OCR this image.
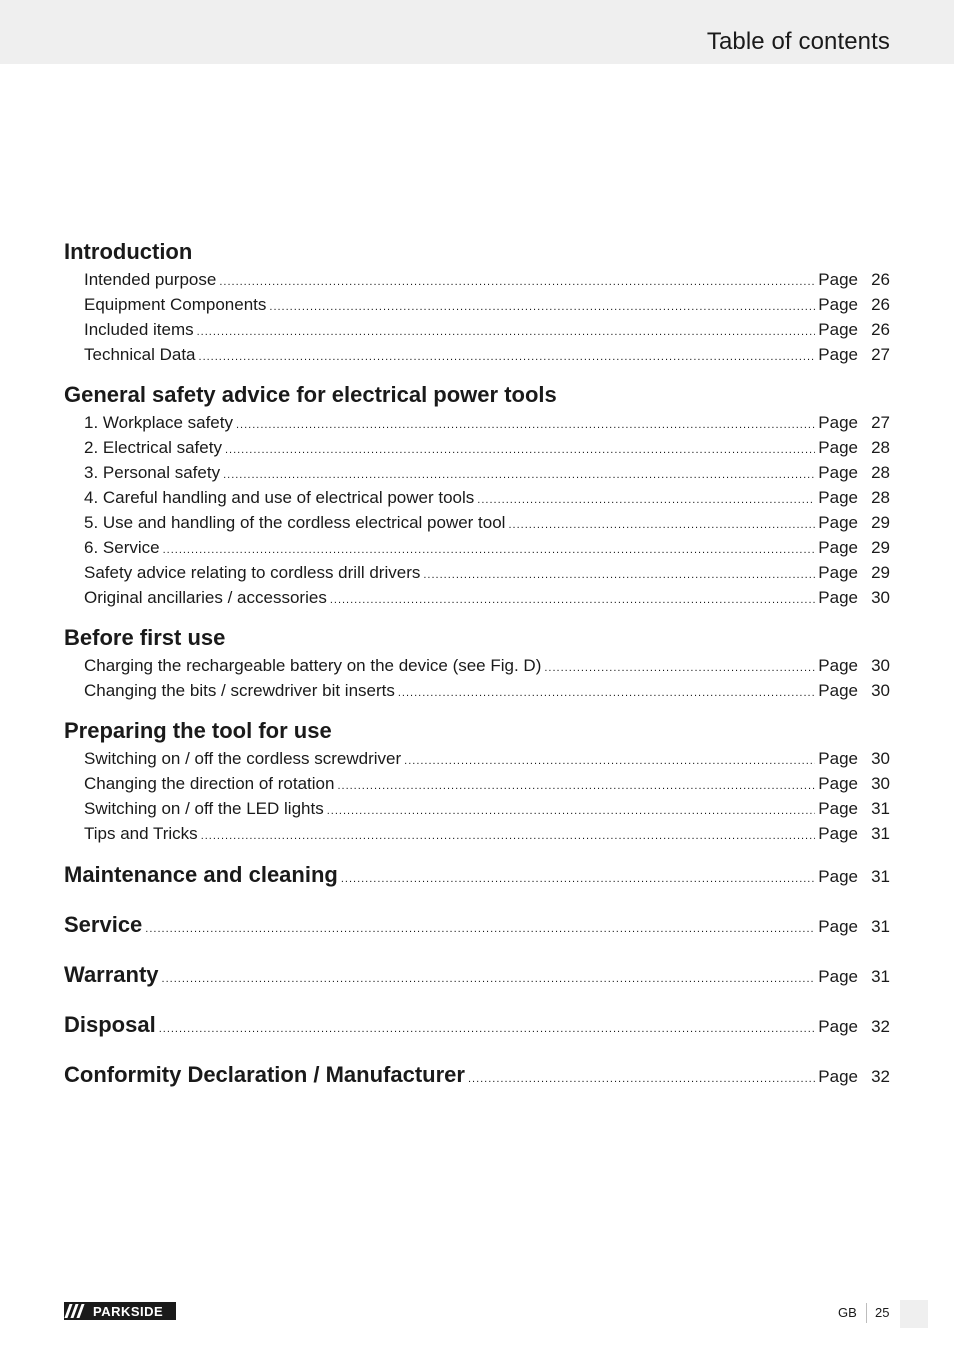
Table of contents
Introduction
Intended purpose .....	Page 26
Equipment Components .....	Page 26
Included items .....	Page 26
Technical Data .....	Page 27
General safety advice for electrical power tools
1. Workplace safety .....	Page 27
2. Electrical safety .....	Page 28
3. Personal safety .....	Page 28
4. Careful handling and use of electrical power tools .....	Page 28
5. Use and handling of the cordless electrical power tool .....	Page 29
6. Service .....	Page 29
Safety advice relating to cordless drill drivers .....	Page 29
Original ancillaries / accessories .....	Page 30
Before first use
Charging the rechargeable battery on the device (see Fig. D) .....	Page 30
Changing the bits / screwdriver bit inserts .....	Page 30
Preparing the tool for use
Switching on / off the cordless screwdriver .....	Page 30
Changing the direction of rotation .....	Page 30
Switching on / off the LED lights .....	Page 31
Tips and Tricks .....	Page 31
Maintenance and cleaning .....	Page 31
Service .....	Page 31
Warranty .....	Page 31
Disposal .....	Page 32
Conformity Declaration / Manufacturer .....	Page 32
PARKSIDE	GB 25
